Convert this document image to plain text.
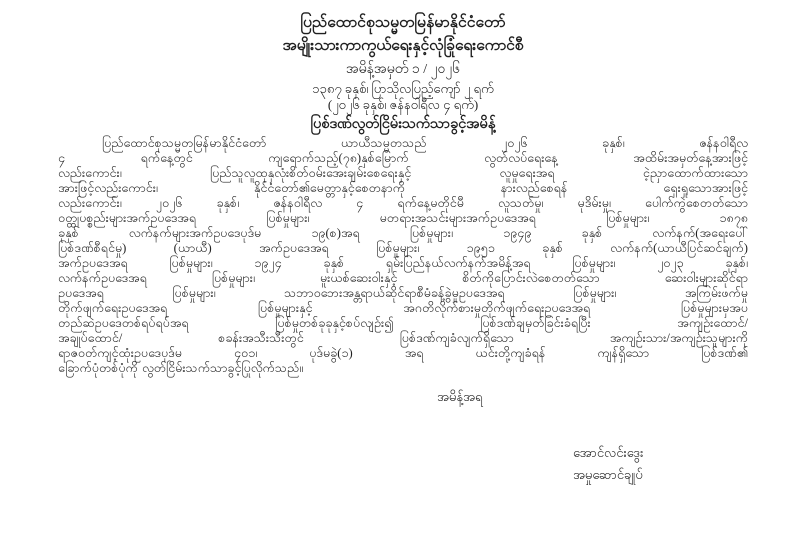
ပြည်ထောင်စုသမ္မတမြန်မာနိုင်ငံတော်
အမျိုးသားကာကွယ်ရေးနှင့်လုံခြုံရေးကောင်စီ
အမိန့်အမှတ် ၁ / ၂၀၂၆
၁၃၈၇ ခုနှစ်၊ ပြာသိုလပြည့်ကျော် ၂ ရက်
(၂၀၂၆ ခုနှစ်၊ ဇန်နဝါရီလ ၄ ရက်)
ပြစ်ဒဏ်လွတ်ငြိမ်းသက်သာခွင့်အမိန့်
ပြည်ထောင်စုသမ္မတမြန်မာနိုင်ငံတော် ယာယီသမ္မတသည် ၂၀၂၆ ခုနှစ်၊ ဇန်နဝါရီလ
၄ ရက်နေ့တွင် ကျရောက်သည့်(၇၈)နှစ်မြောက် လွတ်လပ်ရေးနေ့ အထိမ်းအမှတ်နေ့အားဖြင့်
လည်းကောင်း၊ ပြည်သူလူထုနှလုံးစိတ်ဝမ်းအေးချမ်းစေရေးနှင့် လူမှုရေးအရ ငဲ့ညှာထောက်ထားသော
အားဖြင့်လည်းကောင်း၊ နိုင်ငံတော်၏မေတ္တာနှင့်စေတနာကို နားလည်စေရန် ရှေးရှုသောအားဖြင့်
လည်းကောင်း၊ ၂၀၂၆ ခုနှစ်၊ ဇန်နဝါရီလ ၄ ရက်နေ့မတိုင်မီ လူသတ်မှု၊ မုဒိမ်းမှု၊ ပေါက်ကွဲစေတတ်သော
ဝတ္ထုပစ္စည်းများအက်ဥပဒေအရ ပြစ်မှုများ၊ မတရားအသင်းများအက်ဥပဒေအရ ပြစ်မှုများ၊ ၁၈၇၈
ခုနှစ် လက်နက်များအက်ဥပဒေပုဒ်မ ၁၉(စ)အရ ပြစ်မှုများ၊ ၁၉၄၉ ခုနှစ် လက်နက်(အရေးပေါ်
ပြစ်ဒဏ်စီရင်မှု) (ယာယီ) အက်ဥပဒေအရ ပြစ်မှုများ၊ ၁၉၅၁ ခုနှစ် လက်နက်(ယာယီပြင်ဆင်ချက်)
အက်ဥပဒေအရ ပြစ်မှုများ၊ ၁၉၂၄ ခုနှစ် ရှမ်းပြည်နယ်လက်နက်အမိန့်အရ ပြစ်မှုများ၊ ၂၀၂၃ ခုနှစ်၊
လက်နက်ဥပဒေအရ ပြစ်မှုများ၊ မူးယစ်ဆေးဝါးနှင့် စိတ်ကိုပြောင်းလဲစေတတ်သော ဆေးဝါးများဆိုင်ရာ
ဥပဒေအရ ပြစ်မှုများ၊ သဘာဝဘေးအန္တရာယ်ဆိုင်ရာစီမံခန့်ခွဲမှုဥပဒေအရ ပြစ်မှုများ၊ အကြမ်းဖက်မှု
တိုက်ဖျက်ရေးဥပဒေအရ ပြစ်မှုများနှင့် အဂတိလိုက်စားမှုတိုက်ဖျက်ရေးဥပဒေအရ ပြစ်မှုများမှအပ
တည်ဆဲဥပဒေတစ်ရပ်ရပ်အရ ပြစ်မှုတစ်ခုခုနှင့်စပ်လျဉ်း၍ ပြစ်ဒဏ်ချမှတ်ခြင်းခံရပြီး အကျဉ်းထောင်/
အချုပ်ထောင်/ စခန်းအသီးသီးတွင် ပြစ်ဒဏ်ကျခံလျက်ရှိသော အကျဉ်းသား/အကျဉ်းသူများကို
ရာဇဝတ်ကျင့်ထုံးဥပဒေပုဒ်မ ၄၀၁၊ ပုဒ်မခွဲ(၁) အရ ယင်းတို့ကျခံရန် ကျန်ရှိသော ပြစ်ဒဏ်၏
ခြောက်ပုံတစ်ပုံကို လွတ်ငြိမ်းသက်သာခွင့်ပြုလိုက်သည်။
အမိန့်အရ
အောင်လင်းဒွေး
အမှုဆောင်ချုပ်
